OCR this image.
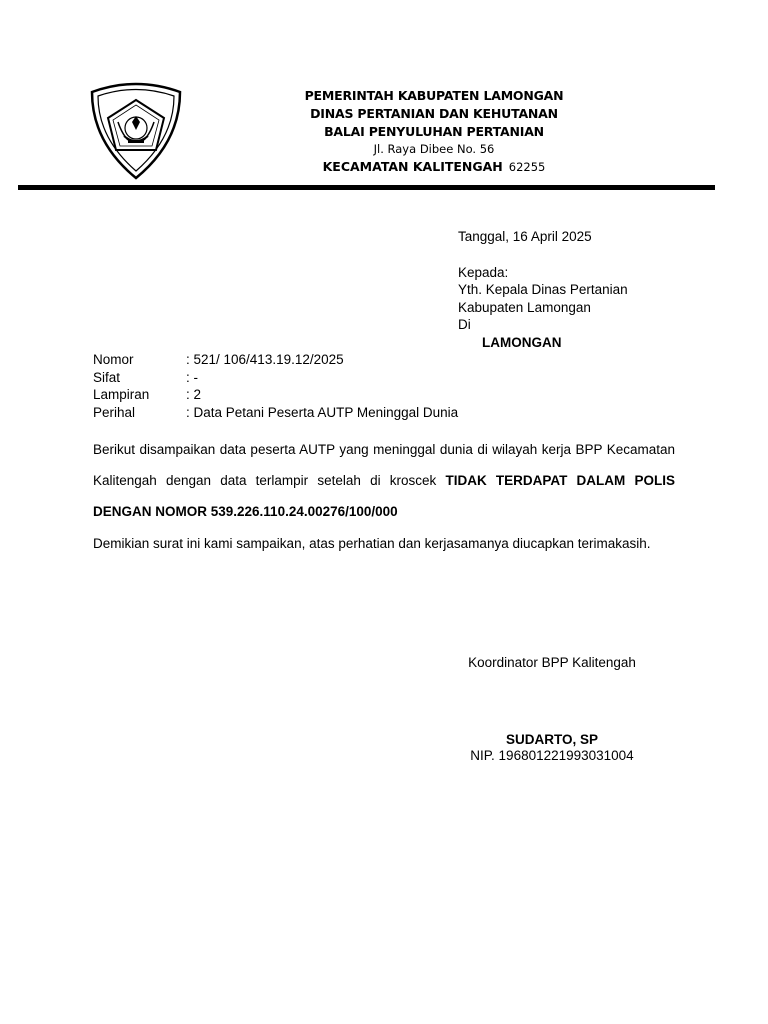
PEMERINTAH KABUPATEN LAMONGAN
DINAS PERTANIAN DAN KEHUTANAN
BALAI PENYULUHAN PERTANIAN
Jl. Raya Dibee No. 56
KECAMATAN KALITENGAH 62255
Tanggal, 16 April 2025
Kepada:
Yth. Kepala Dinas Pertanian
Kabupaten Lamongan
Di
LAMONGAN
Nomor	: 521/ 106/413.19.12/2025
Sifat	: -
Lampiran	: 2
Perihal	: Data Petani Peserta AUTP Meninggal Dunia

Berikut disampaikan data peserta AUTP yang meninggal dunia di wilayah kerja BPP Kecamatan Kalitengah dengan data terlampir setelah di kroscek TIDAK TERDAPAT DALAM POLIS DENGAN NOMOR 539.226.110.24.00276/100/000

Demikian surat ini kami sampaikan, atas perhatian dan kerjasamanya diucapkan terimakasih.

Koordinator BPP Kalitengah
SUDARTO, SP
NIP. 196801221993031004
